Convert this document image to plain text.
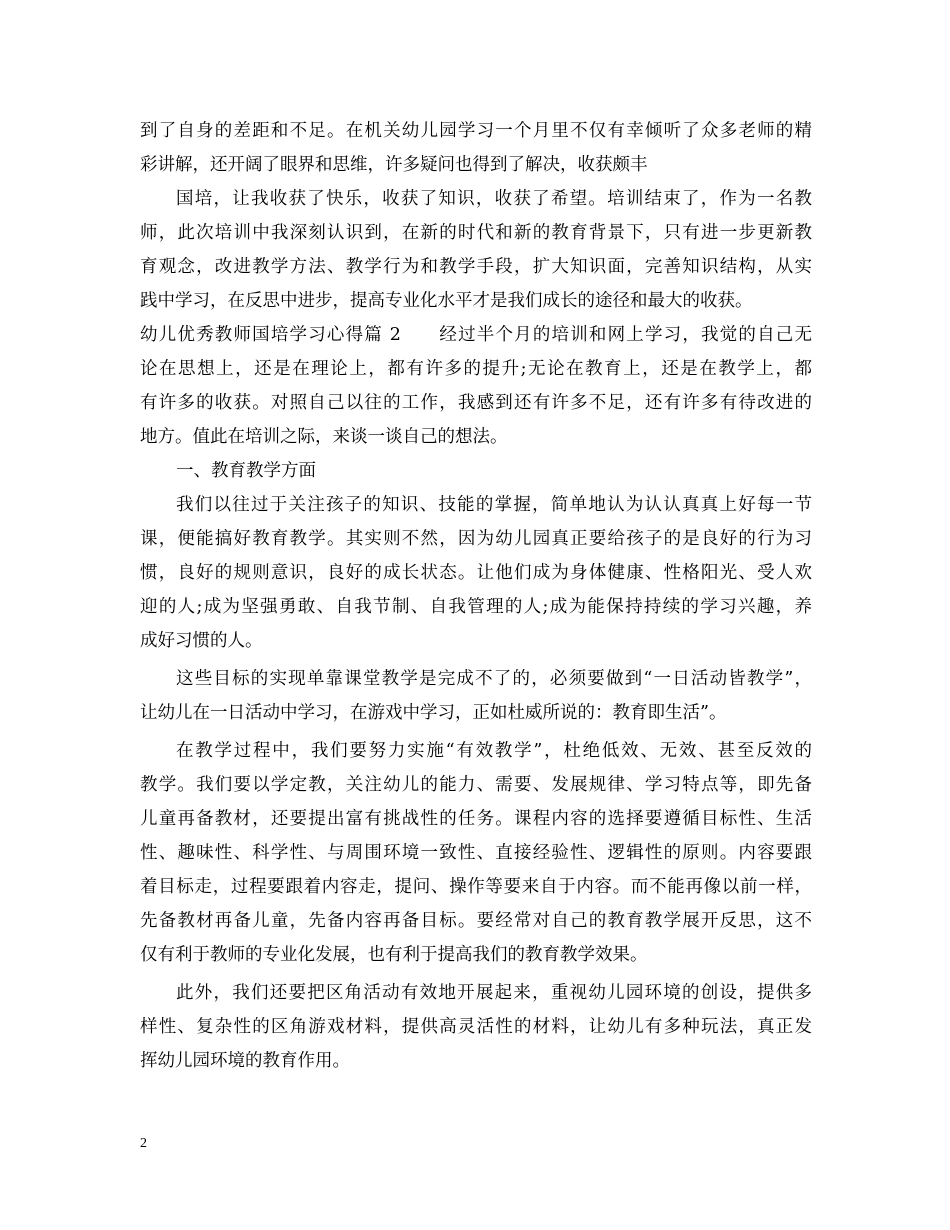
到了自身的差距和不足。在机关幼儿园学习一个月里不仅有幸倾听了众多老师的精
彩讲解，还开阔了眼界和思维，许多疑问也得到了解决，收获颇丰
国培，让我收获了快乐，收获了知识，收获了希望。培训结束了，作为一名教
师，此次培训中我深刻认识到，在新的时代和新的教育背景下，只有进一步更新教
育观念，改进教学方法、教学行为和教学手段，扩大知识面，完善知识结构，从实
践中学习，在反思中进步，提高专业化水平才是我们成长的途径和最大的收获。
幼儿优秀教师国培学习心得篇 2　　经过半个月的培训和网上学习，我觉的自己无
论在思想上，还是在理论上，都有许多的提升;无论在教育上，还是在教学上，都
有许多的收获。对照自己以往的工作，我感到还有许多不足，还有许多有待改进的
地方。值此在培训之际，来谈一谈自己的想法。
一、教育教学方面
我们以往过于关注孩子的知识、技能的掌握，简单地认为认认真真上好每一节
课，便能搞好教育教学。其实则不然，因为幼儿园真正要给孩子的是良好的行为习
惯，良好的规则意识，良好的成长状态。让他们成为身体健康、性格阳光、受人欢
迎的人;成为坚强勇敢、自我节制、自我管理的人;成为能保持持续的学习兴趣，养
成好习惯的人。
这些目标的实现单靠课堂教学是完成不了的，必须要做到“一日活动皆教学”，
让幼儿在一日活动中学习，在游戏中学习，正如杜威所说的：教育即生活”。
在教学过程中，我们要努力实施“有效教学”，杜绝低效、无效、甚至反效的
教学。我们要以学定教，关注幼儿的能力、需要、发展规律、学习特点等，即先备
儿童再备教材，还要提出富有挑战性的任务。课程内容的选择要遵循目标性、生活
性、趣味性、科学性、与周围环境一致性、直接经验性、逻辑性的原则。内容要跟
着目标走，过程要跟着内容走，提问、操作等要来自于内容。而不能再像以前一样，
先备教材再备儿童，先备内容再备目标。要经常对自己的教育教学展开反思，这不
仅有利于教师的专业化发展，也有利于提高我们的教育教学效果。
此外，我们还要把区角活动有效地开展起来，重视幼儿园环境的创设，提供多
样性、复杂性的区角游戏材料，提供高灵活性的材料，让幼儿有多种玩法，真正发
挥幼儿园环境的教育作用。
2
